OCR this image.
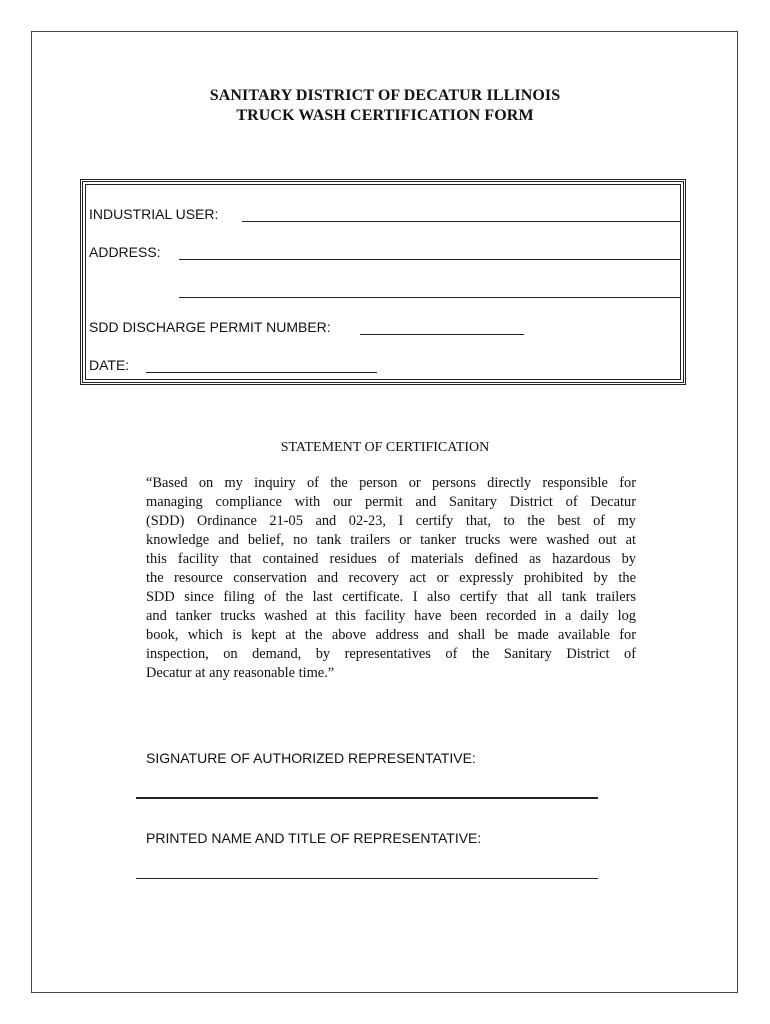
SANITARY DISTRICT OF DECATUR ILLINOIS
TRUCK WASH CERTIFICATION FORM
INDUSTRIAL USER:
ADDRESS:
SDD DISCHARGE PERMIT NUMBER:
DATE:
STATEMENT OF CERTIFICATION
“Based on my inquiry of the person or persons directly responsible for
managing compliance with our permit and Sanitary District of Decatur
(SDD) Ordinance 21-05 and 02-23, I certify that, to the best of my
knowledge and belief, no tank trailers or tanker trucks were washed out at
this facility that contained residues of materials defined as hazardous by
the resource conservation and recovery act or expressly prohibited by the
SDD since filing of the last certificate. I also certify that all tank trailers
and tanker trucks washed at this facility have been recorded in a daily log
book, which is kept at the above address and shall be made available for
inspection, on demand, by representatives of the Sanitary District of
Decatur at any reasonable time.”
SIGNATURE OF AUTHORIZED REPRESENTATIVE:
PRINTED NAME AND TITLE OF REPRESENTATIVE:
